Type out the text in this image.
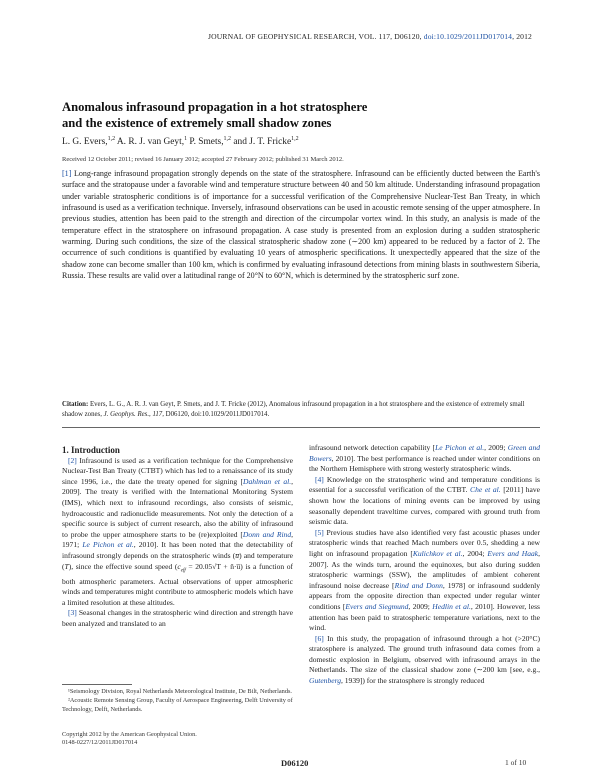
JOURNAL OF GEOPHYSICAL RESEARCH, VOL. 117, D06120, doi:10.1029/2011JD017014, 2012
Anomalous infrasound propagation in a hot stratosphere
and the existence of extremely small shadow zones
L. G. Evers,$^{1,2}$ A. R. J. van Geyt,$^1$ P. Smets,$^{1,2}$ and J. T. Fricke$^{1,2}$
Received 12 October 2011; revised 16 January 2012; accepted 27 February 2012; published 31 March 2012.
[1] Long-range infrasound propagation strongly depends on the state of the stratosphere. Infrasound can be efficiently ducted between the Earth's surface and the stratopause under a favorable wind and temperature structure between 40 and 50 km altitude. Understanding infrasound propagation under variable stratospheric conditions is of importance for a successful verification of the Comprehensive Nuclear-Test Ban Treaty, in which infrasound is used as a verification technique. Inversely, infrasound observations can be used in acoustic remote sensing of the upper atmosphere. In previous studies, attention has been paid to the strength and direction of the circumpolar vortex wind. In this study, an analysis is made of the temperature effect in the stratosphere on infrasound propagation. A case study is presented from an explosion during a sudden stratospheric warming. During such conditions, the size of the classical stratospheric shadow zone (∼200 km) appeared to be reduced by a factor of 2. The occurrence of such conditions is quantified by evaluating 10 years of atmospheric specifications. It unexpectedly appeared that the size of the shadow zone can become smaller than 100 km, which is confirmed by evaluating infrasound detections from mining blasts in southwestern Siberia, Russia. These results are valid over a latitudinal range of 20°N to 60°N, which is determined by the stratospheric surf zone.
Citation: Evers, L. G., A. R. J. van Geyt, P. Smets, and J. T. Fricke (2012), Anomalous infrasound propagation in a hot stratosphere and the existence of extremely small shadow zones, J. Geophys. Res., 117, D06120, doi:10.1029/2011JD017014.

1. Introduction

[2] Infrasound is used as a verification technique for the Comprehensive Nuclear-Test Ban Treaty (CTBT) which has led to a renaissance of its study since 1996, i.e., the date the treaty opened for signing [Dahlman et al., 2009]. The treaty is verified with the International Monitoring System (IMS), which next to infrasound recordings, also consists of seismic, hydroacoustic and radionuclide measurements. Not only the detection of a specific source is subject of current research, also the ability of infrasound to probe the upper atmosphere starts to be (re)exploited [Donn and Rind, 1971; Le Pichon et al., 2010]. It has been noted that the detectability of infrasound strongly depends on the stratospheric winds (u̅) and temperature (T), since the effective sound speed ($c_{eff} = 20.05√T$ + n̂·u̅) is a function of both atmospheric parameters. Actual observations of upper atmospheric winds and temperatures might contribute to atmospheric models which have a limited resolution at these altitudes.

[3] Seasonal changes in the stratospheric wind direction and strength have been analyzed and translated to an

¹Seismology Division, Royal Netherlands Meteorological Institute, De Bilt, Netherlands.
²Acoustic Remote Sensing Group, Faculty of Aerospace Engineering, Delft University of Technology, Delft, Netherlands.
Copyright 2012 by the American Geophysical Union.
0148-0227/12/2011JD017014

infrasound network detection capability [Le Pichon et al., 2009; Green and Bowers, 2010]. The best performance is reached under winter conditions on the Northern Hemisphere with strong westerly stratospheric winds.

[4] Knowledge on the stratospheric wind and temperature conditions is essential for a successful verification of the CTBT. Che et al. [2011] have shown how the locations of mining events can be improved by using seasonally dependent traveltime curves, compared with ground truth from seismic data.

[5] Previous studies have also identified very fast acoustic phases under stratospheric winds that reached Mach numbers over 0.5, shedding a new light on infrasound propagation [Kulichkov et al., 2004; Evers and Haak, 2007]. As the winds turn, around the equinoxes, but also during sudden stratospheric warmings (SSW), the amplitudes of ambient coherent infrasound noise decrease [Rind and Donn, 1978] or infrasound suddenly appears from the opposite direction than expected under regular winter conditions [Evers and Siegmund, 2009; Hedlin et al., 2010]. However, less attention has been paid to stratospheric temperature variations, next to the wind.

[6] In this study, the propagation of infrasound through a hot (>20°C) stratosphere is analyzed. The ground truth infrasound data comes from a domestic explosion in Belgium, observed with infrasound arrays in the Netherlands. The size of the classical shadow zone (∼200 km [see, e.g., Gutenberg, 1939]) for the stratosphere is strongly reduced

D06120	1 of 10
